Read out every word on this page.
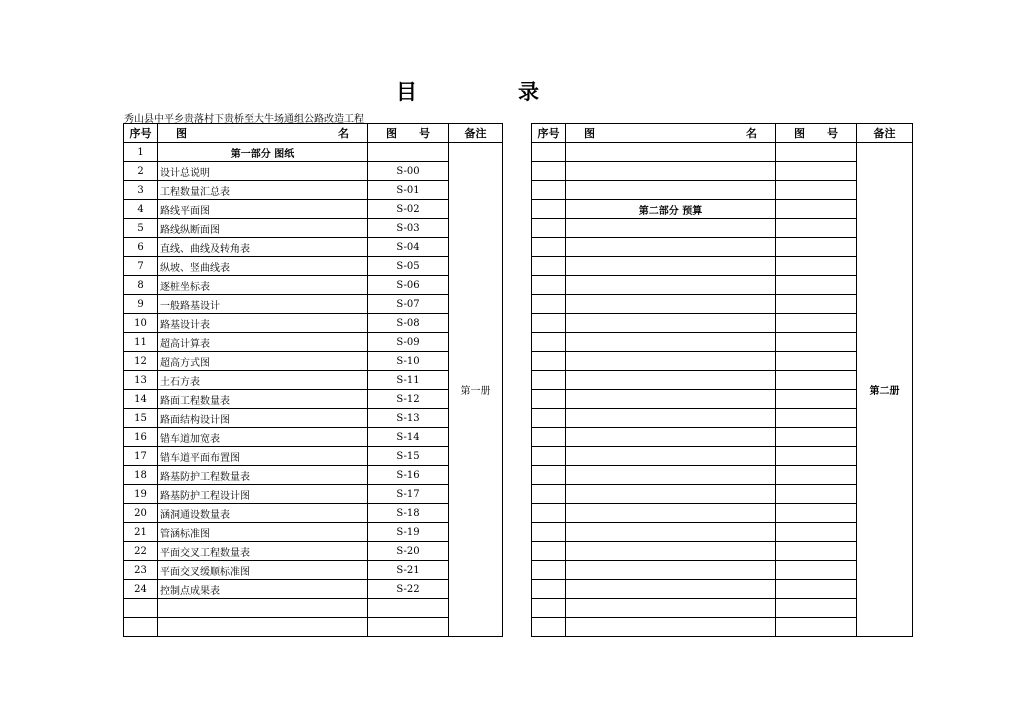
目	录
秀山县中平乡贵落村下贵桥至大牛场通组公路改造工程
序号	图 名	图 号	备注
1	第一部分 图纸		第一册
2	设计总说明	S-00	
3	工程数量汇总表	S-01	
4	路线平面图	S-02	
5	路线纵断面图	S-03	
6	直线、曲线及转角表	S-04	
7	纵坡、竖曲线表	S-05	
8	逐桩坐标表	S-06	
9	一般路基设计	S-07	
10	路基设计表	S-08	
11	超高计算表	S-09	
12	超高方式图	S-10	
13	土石方表	S-11	
14	路面工程数量表	S-12	
15	路面结构设计图	S-13	
16	错车道加宽表	S-14	
17	错车道平面布置图	S-15	
18	路基防护工程数量表	S-16	
19	路基防护工程设计图	S-17	
20	涵洞通设数量表	S-18	
21	管涵标准图	S-19	
22	平面交叉工程数量表	S-20	
23	平面交叉缓顺标准图	S-21	
24	控制点成果表	S-22	

序号	图 名	图 号	备注
			第二册

	第二部分 预算		
